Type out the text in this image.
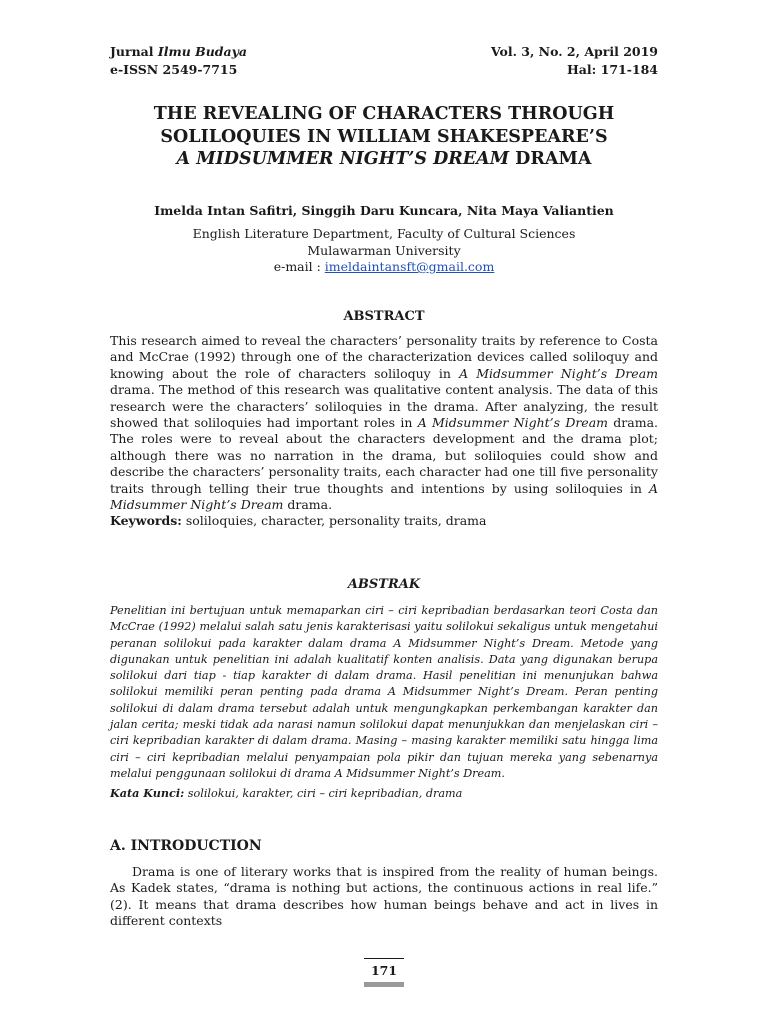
Jurnal Ilmu Budaya
e-ISSN 2549-7715
Vol. 3, No. 2, April 2019
Hal: 171-184
THE REVEALING OF CHARACTERS THROUGH
SOLILOQUIES IN WILLIAM SHAKESPEARE’S
A MIDSUMMER NIGHT’S DREAM DRAMA
Imelda Intan Safitri, Singgih Daru Kuncara, Nita Maya Valiantien
English Literature Department, Faculty of Cultural Sciences
Mulawarman University
e-mail : imeldaintansft@gmail.com
ABSTRACT
This research aimed to reveal the characters’ personality traits by reference to Costa and McCrae (1992) through one of the characterization devices called soliloquy and knowing about the role of characters soliloquy in A Midsummer Night’s Dream drama. The method of this research was qualitative content analysis. The data of this research were the characters’ soliloquies in the drama. After analyzing, the result showed that soliloquies had important roles in A Midsummer Night’s Dream drama. The roles were to reveal about the characters development and the drama plot; although there was no narration in the drama, but soliloquies could show and describe the characters’ personality traits, each character had one till five personality traits through telling their true thoughts and intentions by using soliloquies in A Midsummer Night’s Dream drama.
Keywords: soliloquies, character, personality traits, drama
ABSTRAK
Penelitian ini bertujuan untuk memaparkan ciri – ciri kepribadian berdasarkan teori Costa dan McCrae (1992) melalui salah satu jenis karakterisasi yaitu solilokui sekaligus untuk mengetahui peranan solilokui pada karakter dalam drama A Midsummer Night’s Dream. Metode yang digunakan untuk penelitian ini adalah kualitatif konten analisis. Data yang digunakan berupa solilokui dari tiap - tiap karakter di dalam drama. Hasil penelitian ini menunjukan bahwa solilokui memiliki peran penting pada drama A Midsummer Night’s Dream. Peran penting solilokui di dalam drama tersebut adalah untuk mengungkapkan perkembangan karakter dan jalan cerita; meski tidak ada narasi namun solilokui dapat menunjukkan dan menjelaskan ciri – ciri kepribadian karakter di dalam drama. Masing – masing karakter memiliki satu hingga lima ciri – ciri kepribadian melalui penyampaian pola pikir dan tujuan mereka yang sebenarnya melalui penggunaan solilokui di drama A Midsummer Night’s Dream.
Kata Kunci: solilokui, karakter, ciri – ciri kepribadian, drama
A. INTRODUCTION
Drama is one of literary works that is inspired from the reality of human beings. As Kadek states, “drama is nothing but actions, the continuous actions in real life.” (2). It means that drama describes how human beings behave and act in lives in different contexts
171
